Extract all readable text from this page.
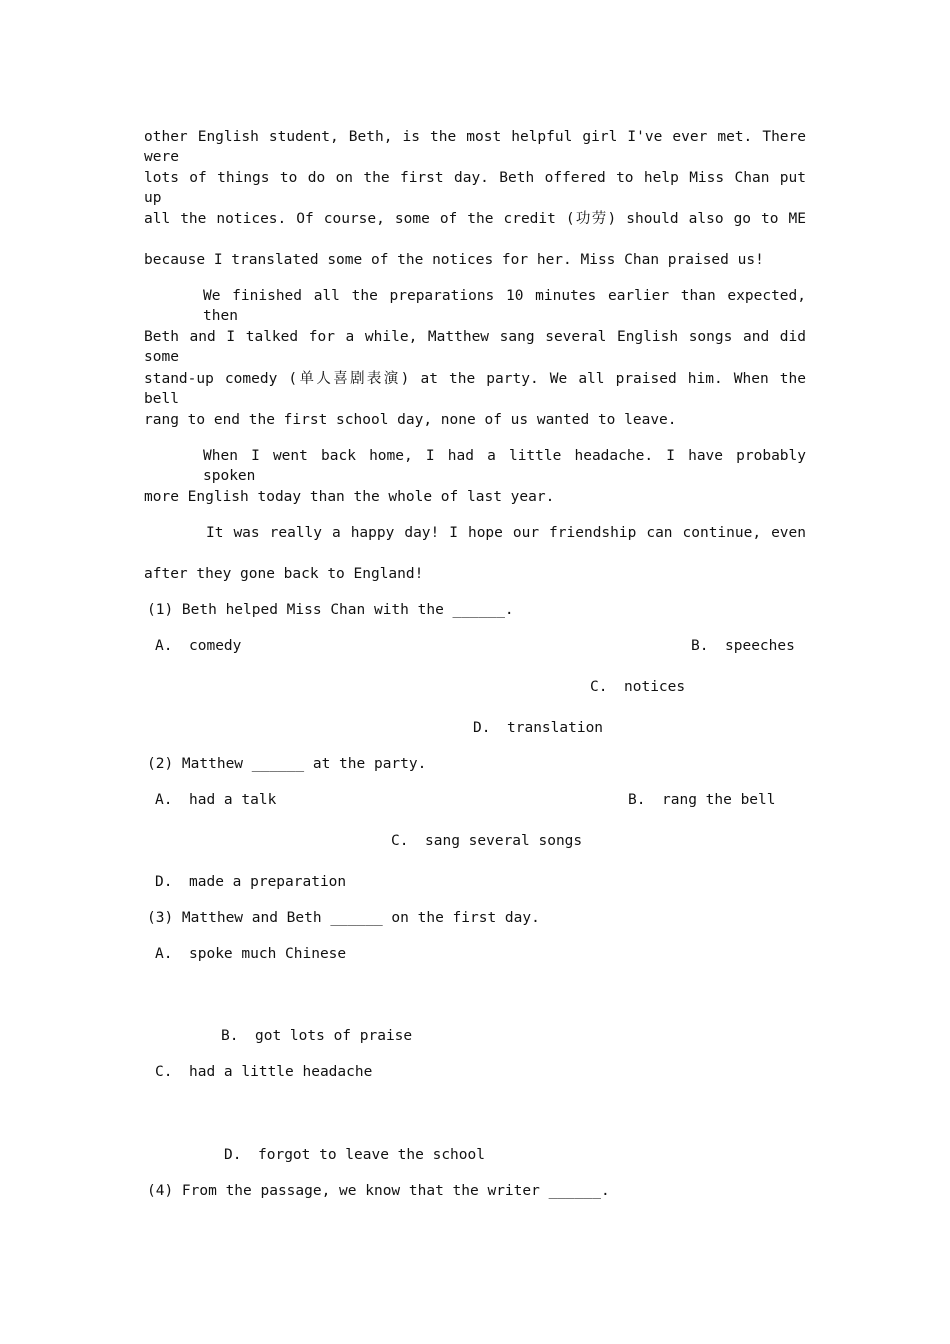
other English student, Beth, is the most helpful girl I've ever met. There were
lots of things to do on the first day. Beth offered to help Miss Chan put up
all the notices. Of course, some of the credit (功劳) should also go to ME
because I translated some of the notices for her. Miss Chan praised us!
We finished all the preparations 10 minutes earlier than expected, then
Beth and I talked for a while, Matthew sang several English songs and did some
stand-up comedy (单人喜剧表演) at the party. We all praised him. When the bell
rang to end the first school day, none of us wanted to leave.
When I went back home, I had a little headache. I have probably spoken
more English today than the whole of last year.
It was really a happy day! I hope our friendship can continue, even
after they gone back to England!
(1) Beth helped Miss Chan with the ______.
A. comedy	B. speeches
C. notices
D. translation
(2) Matthew ______ at the party.
A. had a talk	B. rang the bell
C. sang several songs
D. made a preparation
(3) Matthew and Beth ______ on the first day.
A. spoke much Chinese
B. got lots of praise
C. had a little headache
D. forgot to leave the school
(4) From the passage, we know that the writer ______.
